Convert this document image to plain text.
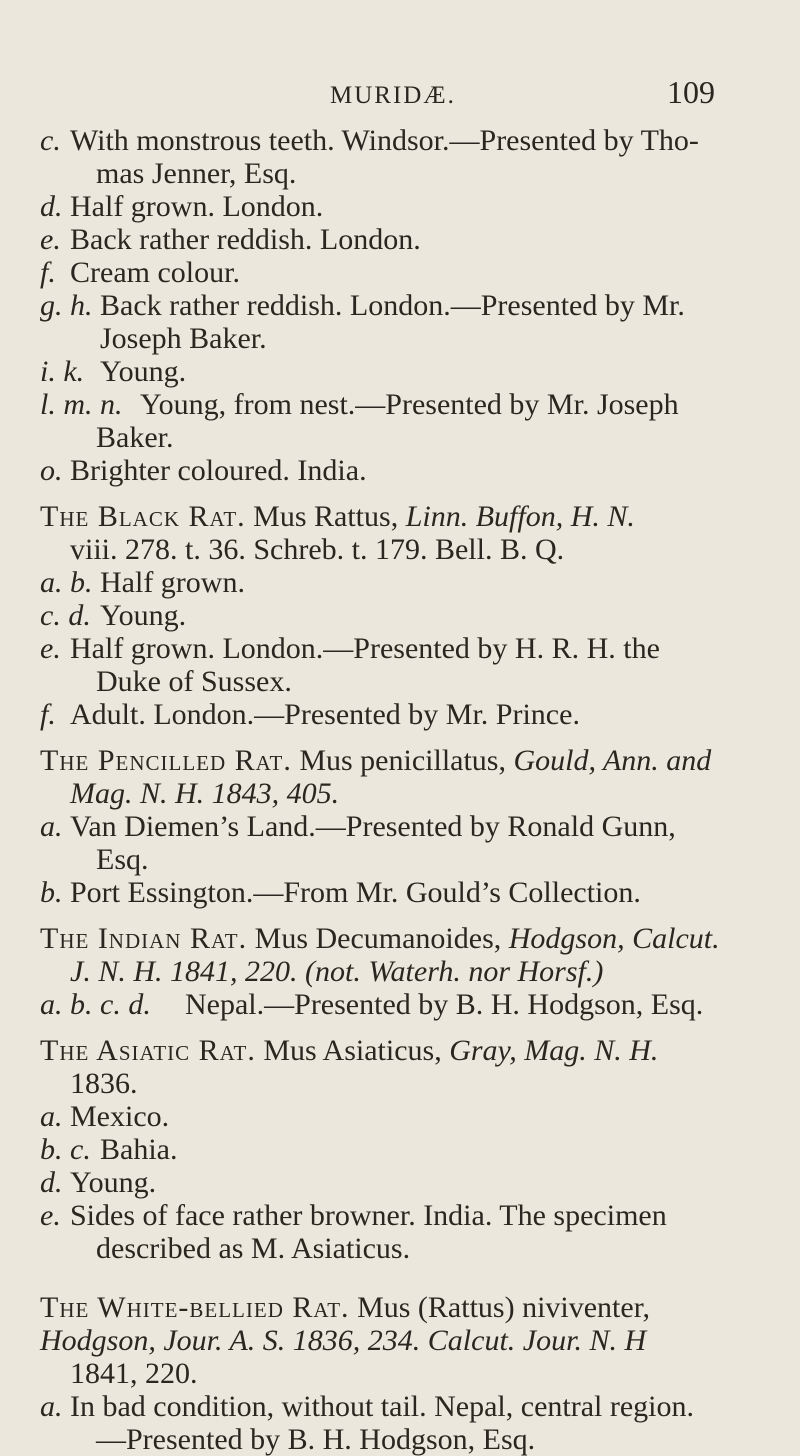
MURIDÆ.	109
c. With monstrous teeth. Windsor.—Presented by Tho-
mas Jenner, Esq.
d. Half grown. London.
e. Back rather reddish. London.
f. Cream colour.
g. h. Back rather reddish. London.—Presented by Mr.
Joseph Baker.
i. k. Young.
l. m. n. Young, from nest.—Presented by Mr. Joseph
Baker.
o. Brighter coloured. India.
The Black Rat. Mus Rattus, Linn. Buffon, H. N.
viii. 278. t. 36. Schreb. t. 179. Bell. B. Q.
a. b. Half grown.
c. d. Young.
e. Half grown. London.—Presented by H. R. H. the
Duke of Sussex.
f. Adult. London.—Presented by Mr. Prince.
The Pencilled Rat. Mus penicillatus, Gould, Ann. and
Mag. N. H. 1843, 405.
a. Van Diemen’s Land.—Presented by Ronald Gunn,
Esq.
b. Port Essington.—From Mr. Gould’s Collection.
The Indian Rat. Mus Decumanoides, Hodgson, Calcut.
J. N. H. 1841, 220. (not. Waterh. nor Horsf.)
a. b. c. d. Nepal.—Presented by B. H. Hodgson, Esq.
The Asiatic Rat. Mus Asiaticus, Gray, Mag. N. H.
1836.
a. Mexico.
b. c. Bahia.
d. Young.
e. Sides of face rather browner. India. The specimen
described as M. Asiaticus.
The White-bellied Rat. Mus (Rattus) niviventer, Hodgson, Jour. A. S. 1836, 234. Calcut. Jour. N. H
1841, 220.
a. In bad condition, without tail. Nepal, central region.
—Presented by B. H. Hodgson, Esq.
